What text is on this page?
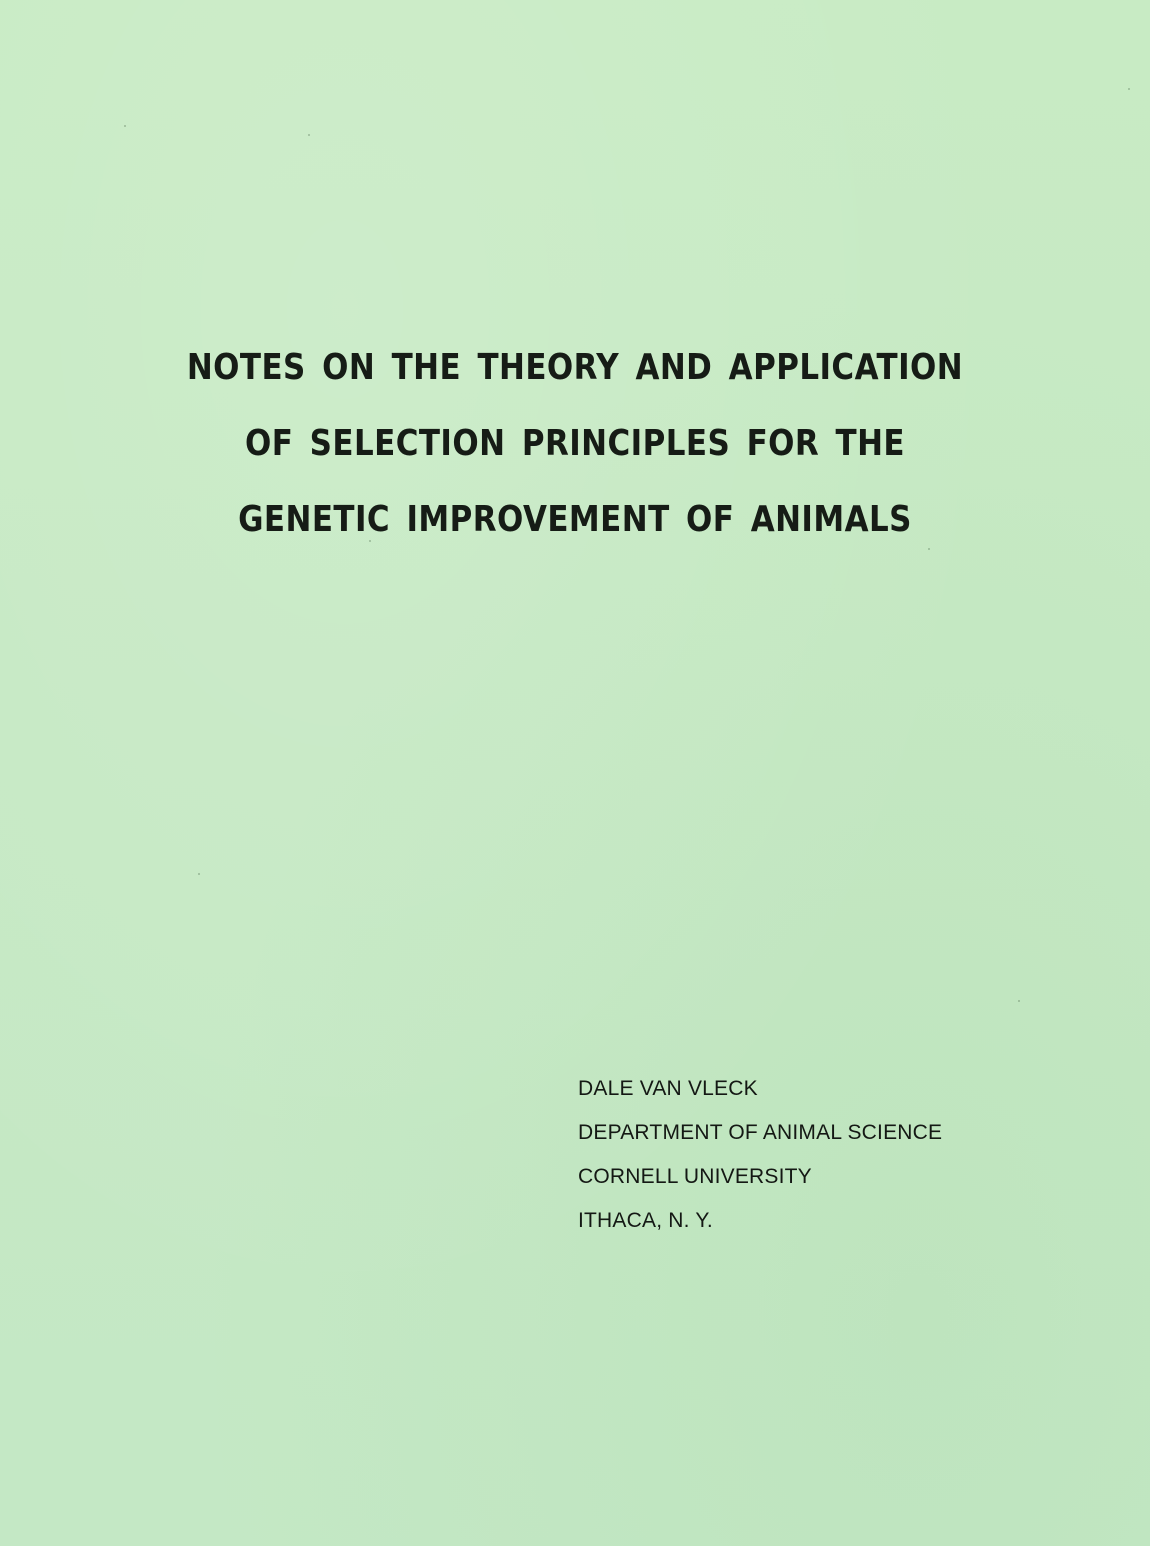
NOTES ON THE THEORY AND APPLICATION
OF SELECTION PRINCIPLES FOR THE
GENETIC IMPROVEMENT OF ANIMALS
DALE VAN VLECK
DEPARTMENT OF ANIMAL SCIENCE
CORNELL UNIVERSITY
ITHACA, N. Y.
